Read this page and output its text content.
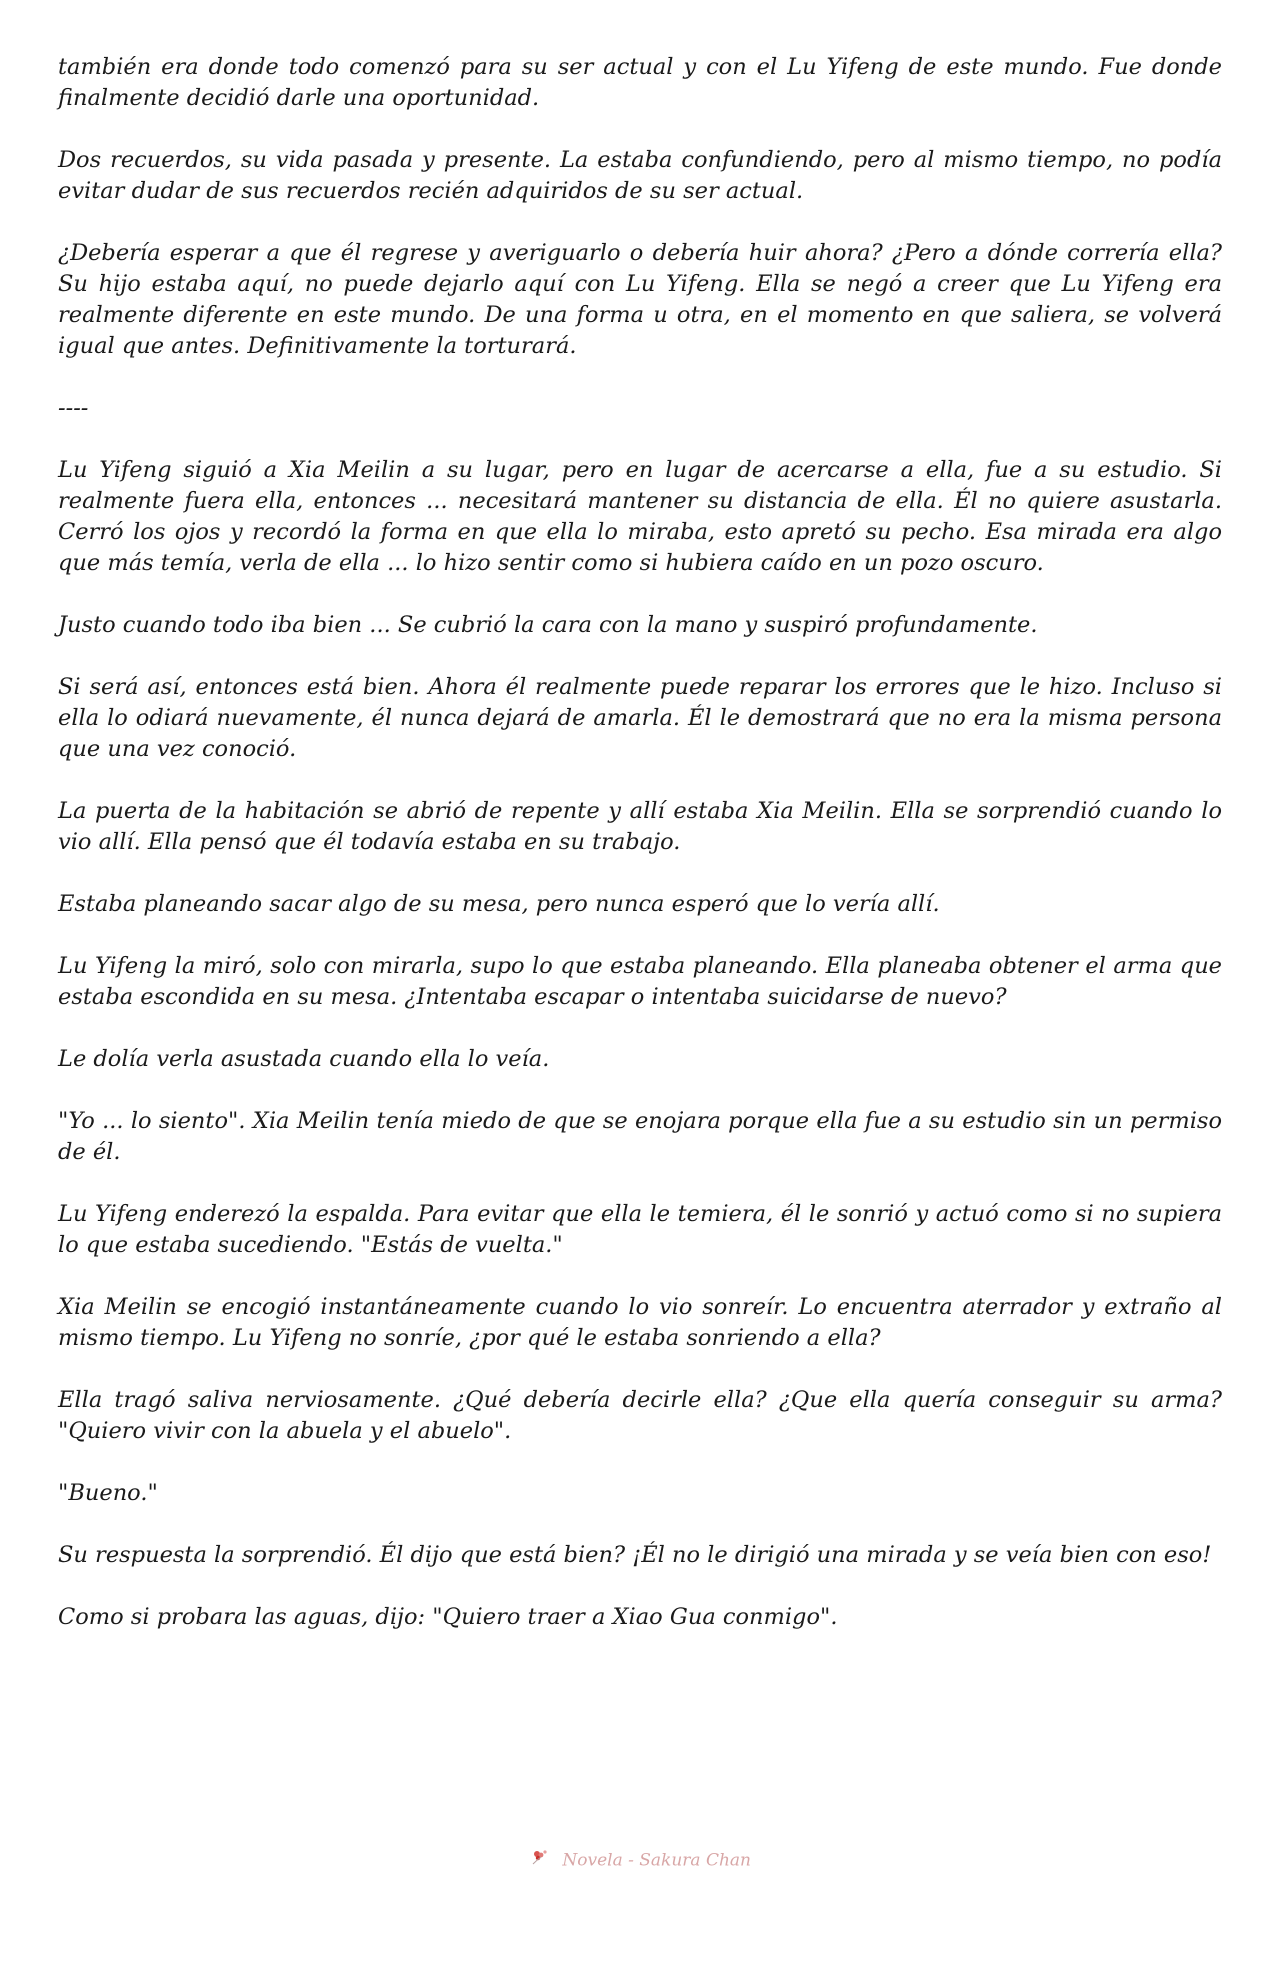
también era donde todo comenzó para su ser actual y con el Lu Yifeng de este mundo. Fue donde finalmente decidió darle una oportunidad.

Dos recuerdos, su vida pasada y presente. La estaba confundiendo, pero al mismo tiempo, no podía evitar dudar de sus recuerdos recién adquiridos de su ser actual.

¿Debería esperar a que él regrese y averiguarlo o debería huir ahora? ¿Pero a dónde correría ella? Su hijo estaba aquí, no puede dejarlo aquí con Lu Yifeng. Ella se negó a creer que Lu Yifeng era realmente diferente en este mundo. De una forma u otra, en el momento en que saliera, se volverá igual que antes. Definitivamente la torturará.

----

Lu Yifeng siguió a Xia Meilin a su lugar, pero en lugar de acercarse a ella, fue a su estudio. Si realmente fuera ella, entonces ... necesitará mantener su distancia de ella. Él no quiere asustarla. Cerró los ojos y recordó la forma en que ella lo miraba, esto apretó su pecho. Esa mirada era algo que más temía, verla de ella ... lo hizo sentir como si hubiera caído en un pozo oscuro.

Justo cuando todo iba bien ... Se cubrió la cara con la mano y suspiró profundamente.

Si será así, entonces está bien. Ahora él realmente puede reparar los errores que le hizo. Incluso si ella lo odiará nuevamente, él nunca dejará de amarla. Él le demostrará que no era la misma persona que una vez conoció.

La puerta de la habitación se abrió de repente y allí estaba Xia Meilin. Ella se sorprendió cuando lo vio allí. Ella pensó que él todavía estaba en su trabajo.

Estaba planeando sacar algo de su mesa, pero nunca esperó que lo vería allí.

Lu Yifeng la miró, solo con mirarla, supo lo que estaba planeando. Ella planeaba obtener el arma que estaba escondida en su mesa. ¿Intentaba escapar o intentaba suicidarse de nuevo?

Le dolía verla asustada cuando ella lo veía.

"Yo ... lo siento". Xia Meilin tenía miedo de que se enojara porque ella fue a su estudio sin un permiso de él.

Lu Yifeng enderezó la espalda. Para evitar que ella le temiera, él le sonrió y actuó como si no supiera lo que estaba sucediendo. "Estás de vuelta."

Xia Meilin se encogió instantáneamente cuando lo vio sonreír. Lo encuentra aterrador y extraño al mismo tiempo. Lu Yifeng no sonríe, ¿por qué le estaba sonriendo a ella?

Ella tragó saliva nerviosamente. ¿Qué debería decirle ella? ¿Que ella quería conseguir su arma? "Quiero vivir con la abuela y el abuelo".

"Bueno."

Su respuesta la sorprendió. Él dijo que está bien? ¡Él no le dirigió una mirada y se veía bien con eso!

Como si probara las aguas, dijo: "Quiero traer a Xiao Gua conmigo".

Novela - Sakura Chan
